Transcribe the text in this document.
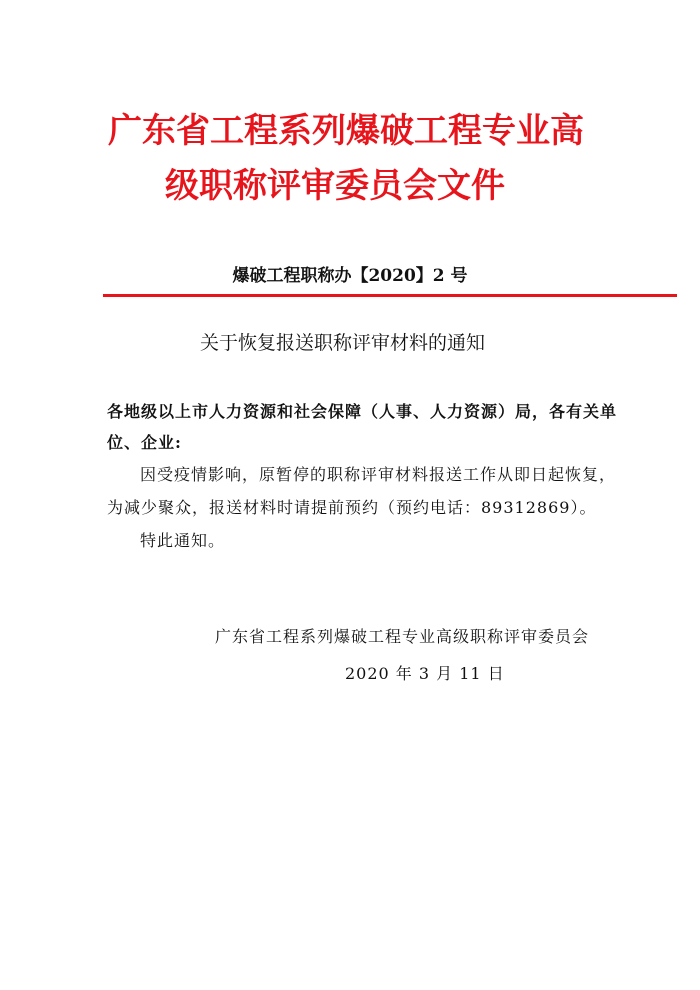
广东省工程系列爆破工程专业高
级职称评审委员会文件
爆破工程职称办【2020】2 号
关于恢复报送职称评审材料的通知
各地级以上市人力资源和社会保障（人事、人力资源）局，各有关单
位、企业:
因受疫情影响，原暂停的职称评审材料报送工作从即日起恢复，
为减少聚众，报送材料时请提前预约（预约电话：89312869）。
特此通知。
广东省工程系列爆破工程专业高级职称评审委员会
2020 年 3 月 11 日
